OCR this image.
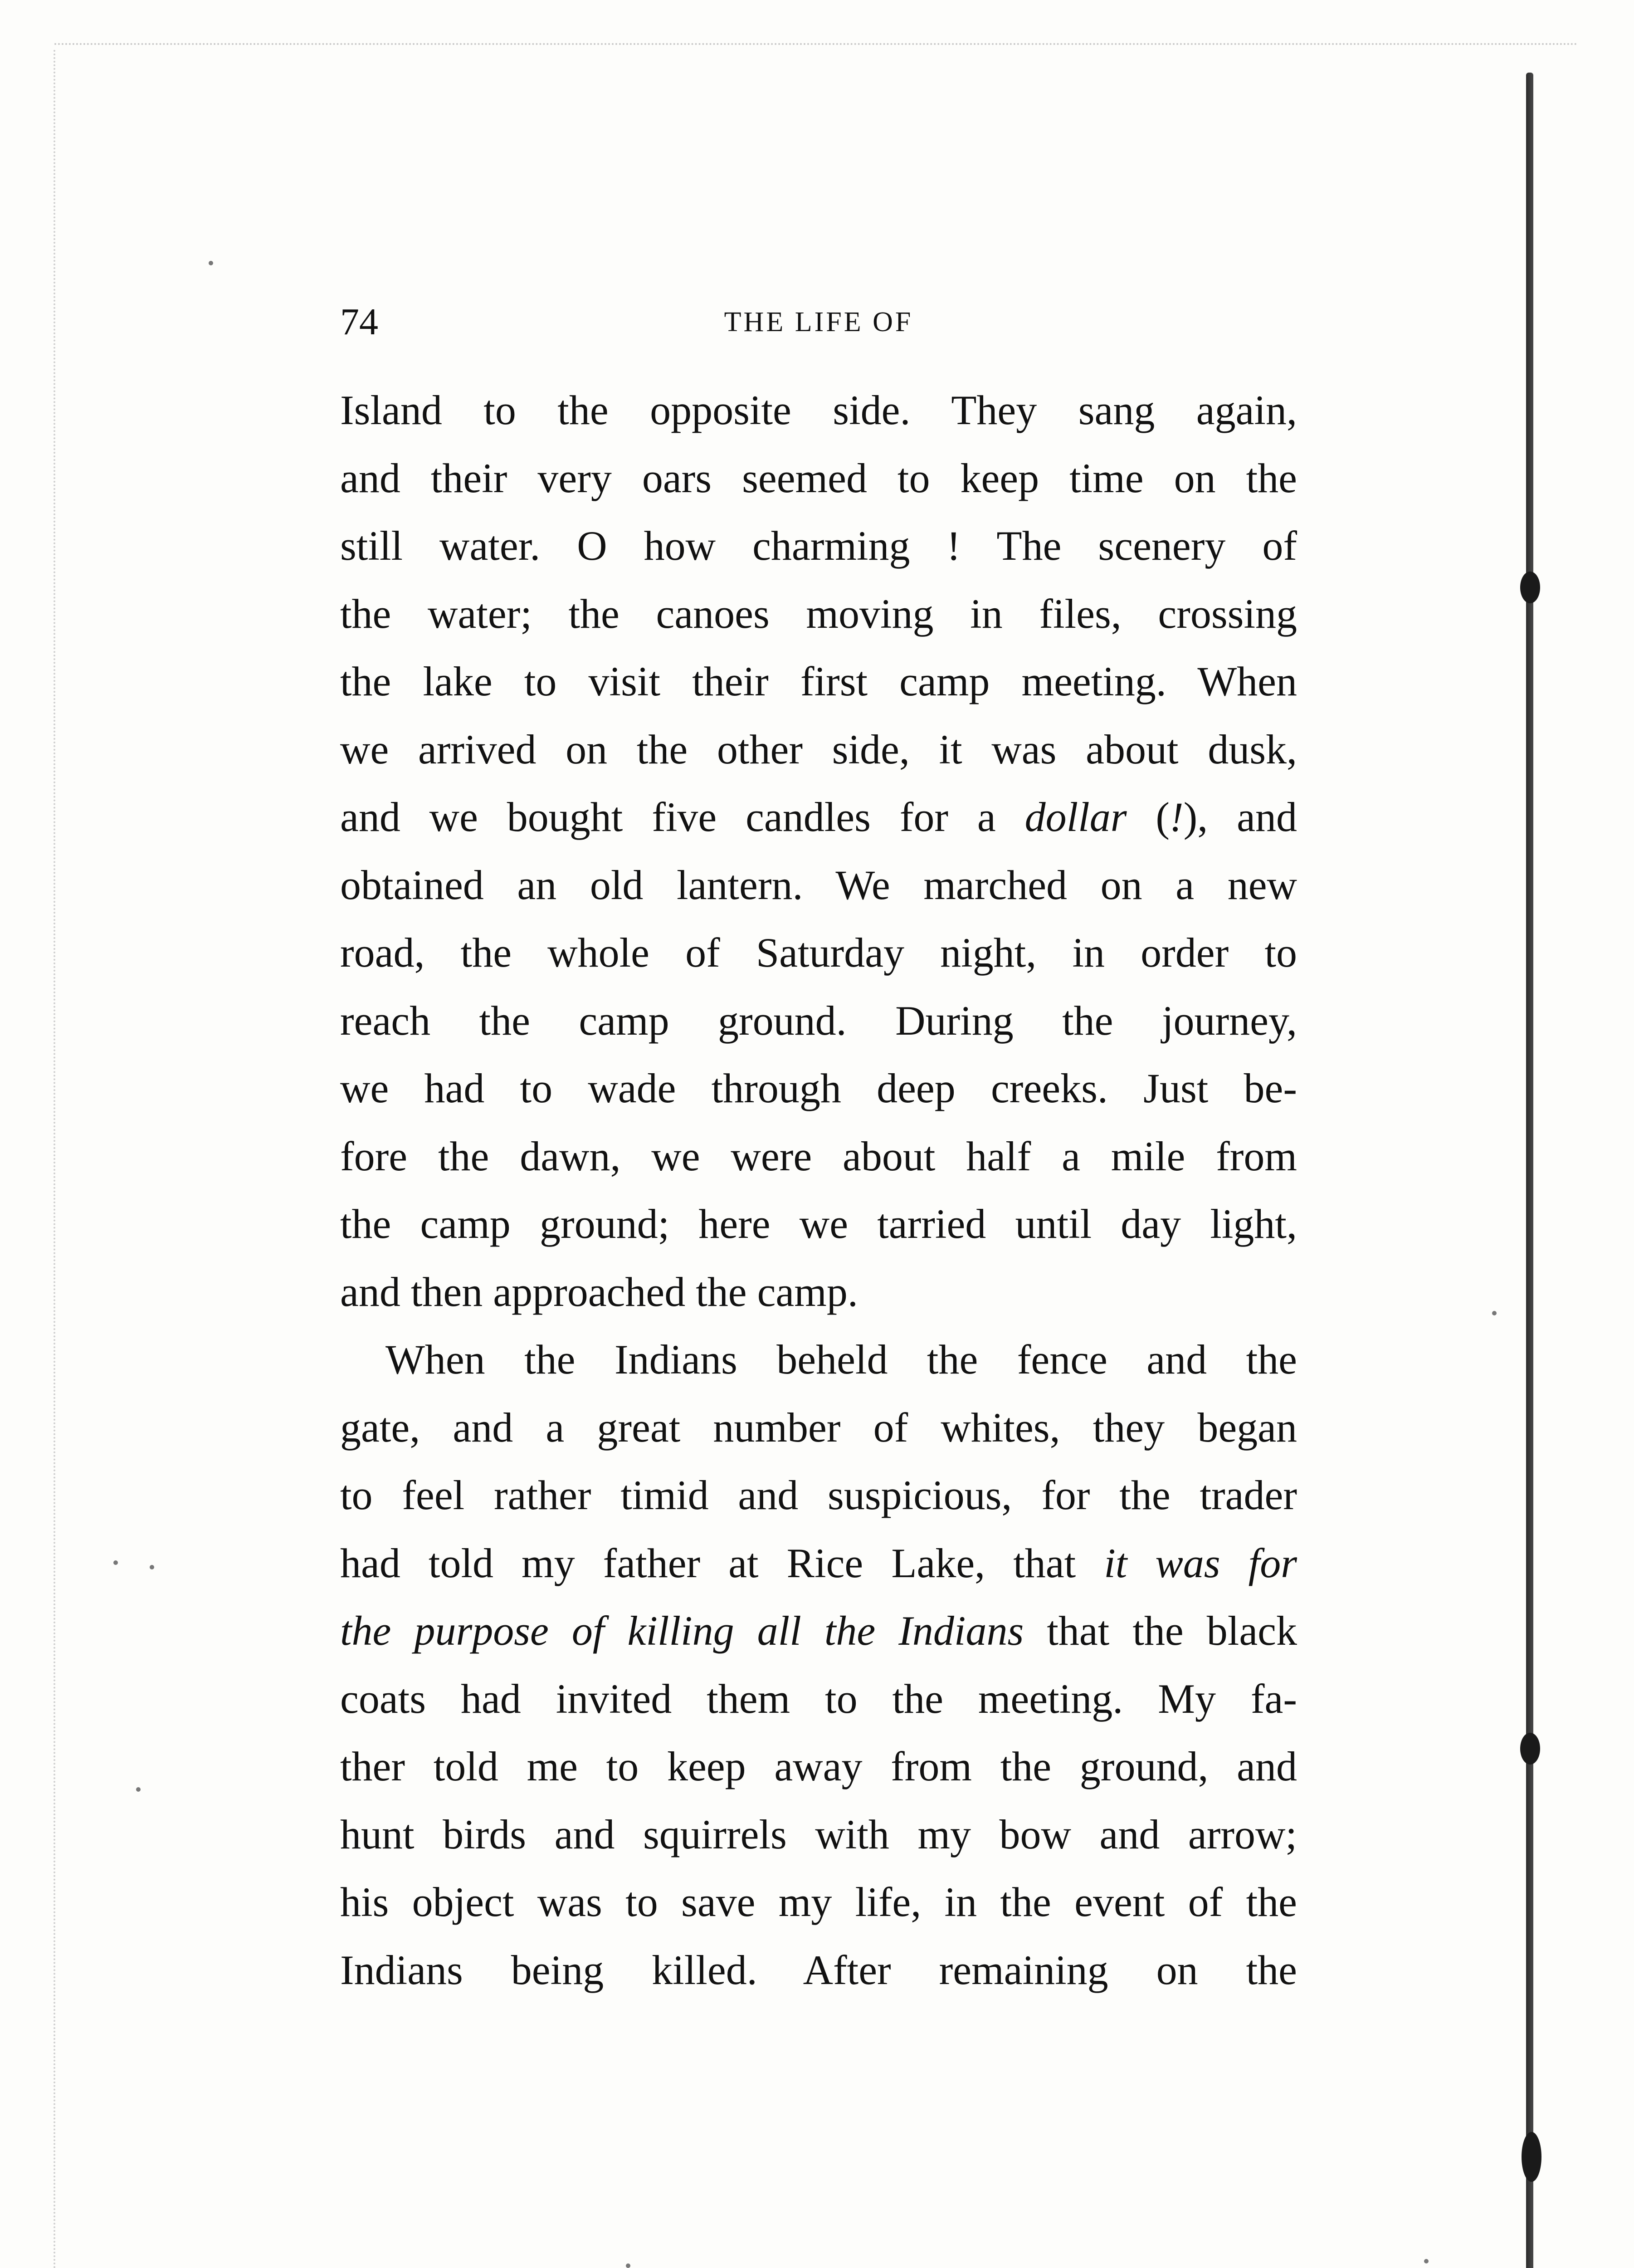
74	THE LIFE OF
Island to the opposite side. They sang again,
and their very oars seemed to keep time on the
still water. O how charming ! The scenery of
the water; the canoes moving in files, crossing
the lake to visit their first camp meeting. When
we arrived on the other side, it was about dusk,
and we bought five candles for a dollar (!), and
obtained an old lantern. We marched on a new
road, the whole of Saturday night, in order to
reach the camp ground. During the journey,
we had to wade through deep creeks. Just be-
fore the dawn, we were about half a mile from
the camp ground; here we tarried until day light,
and then approached the camp.
When the Indians beheld the fence and the
gate, and a great number of whites, they began
to feel rather timid and suspicious, for the trader
had told my father at Rice Lake, that it was for
the purpose of killing all the Indians that the black
coats had invited them to the meeting. My fa-
ther told me to keep away from the ground, and
hunt birds and squirrels with my bow and arrow;
his object was to save my life, in the event of the
Indians being killed. After remaining on the
